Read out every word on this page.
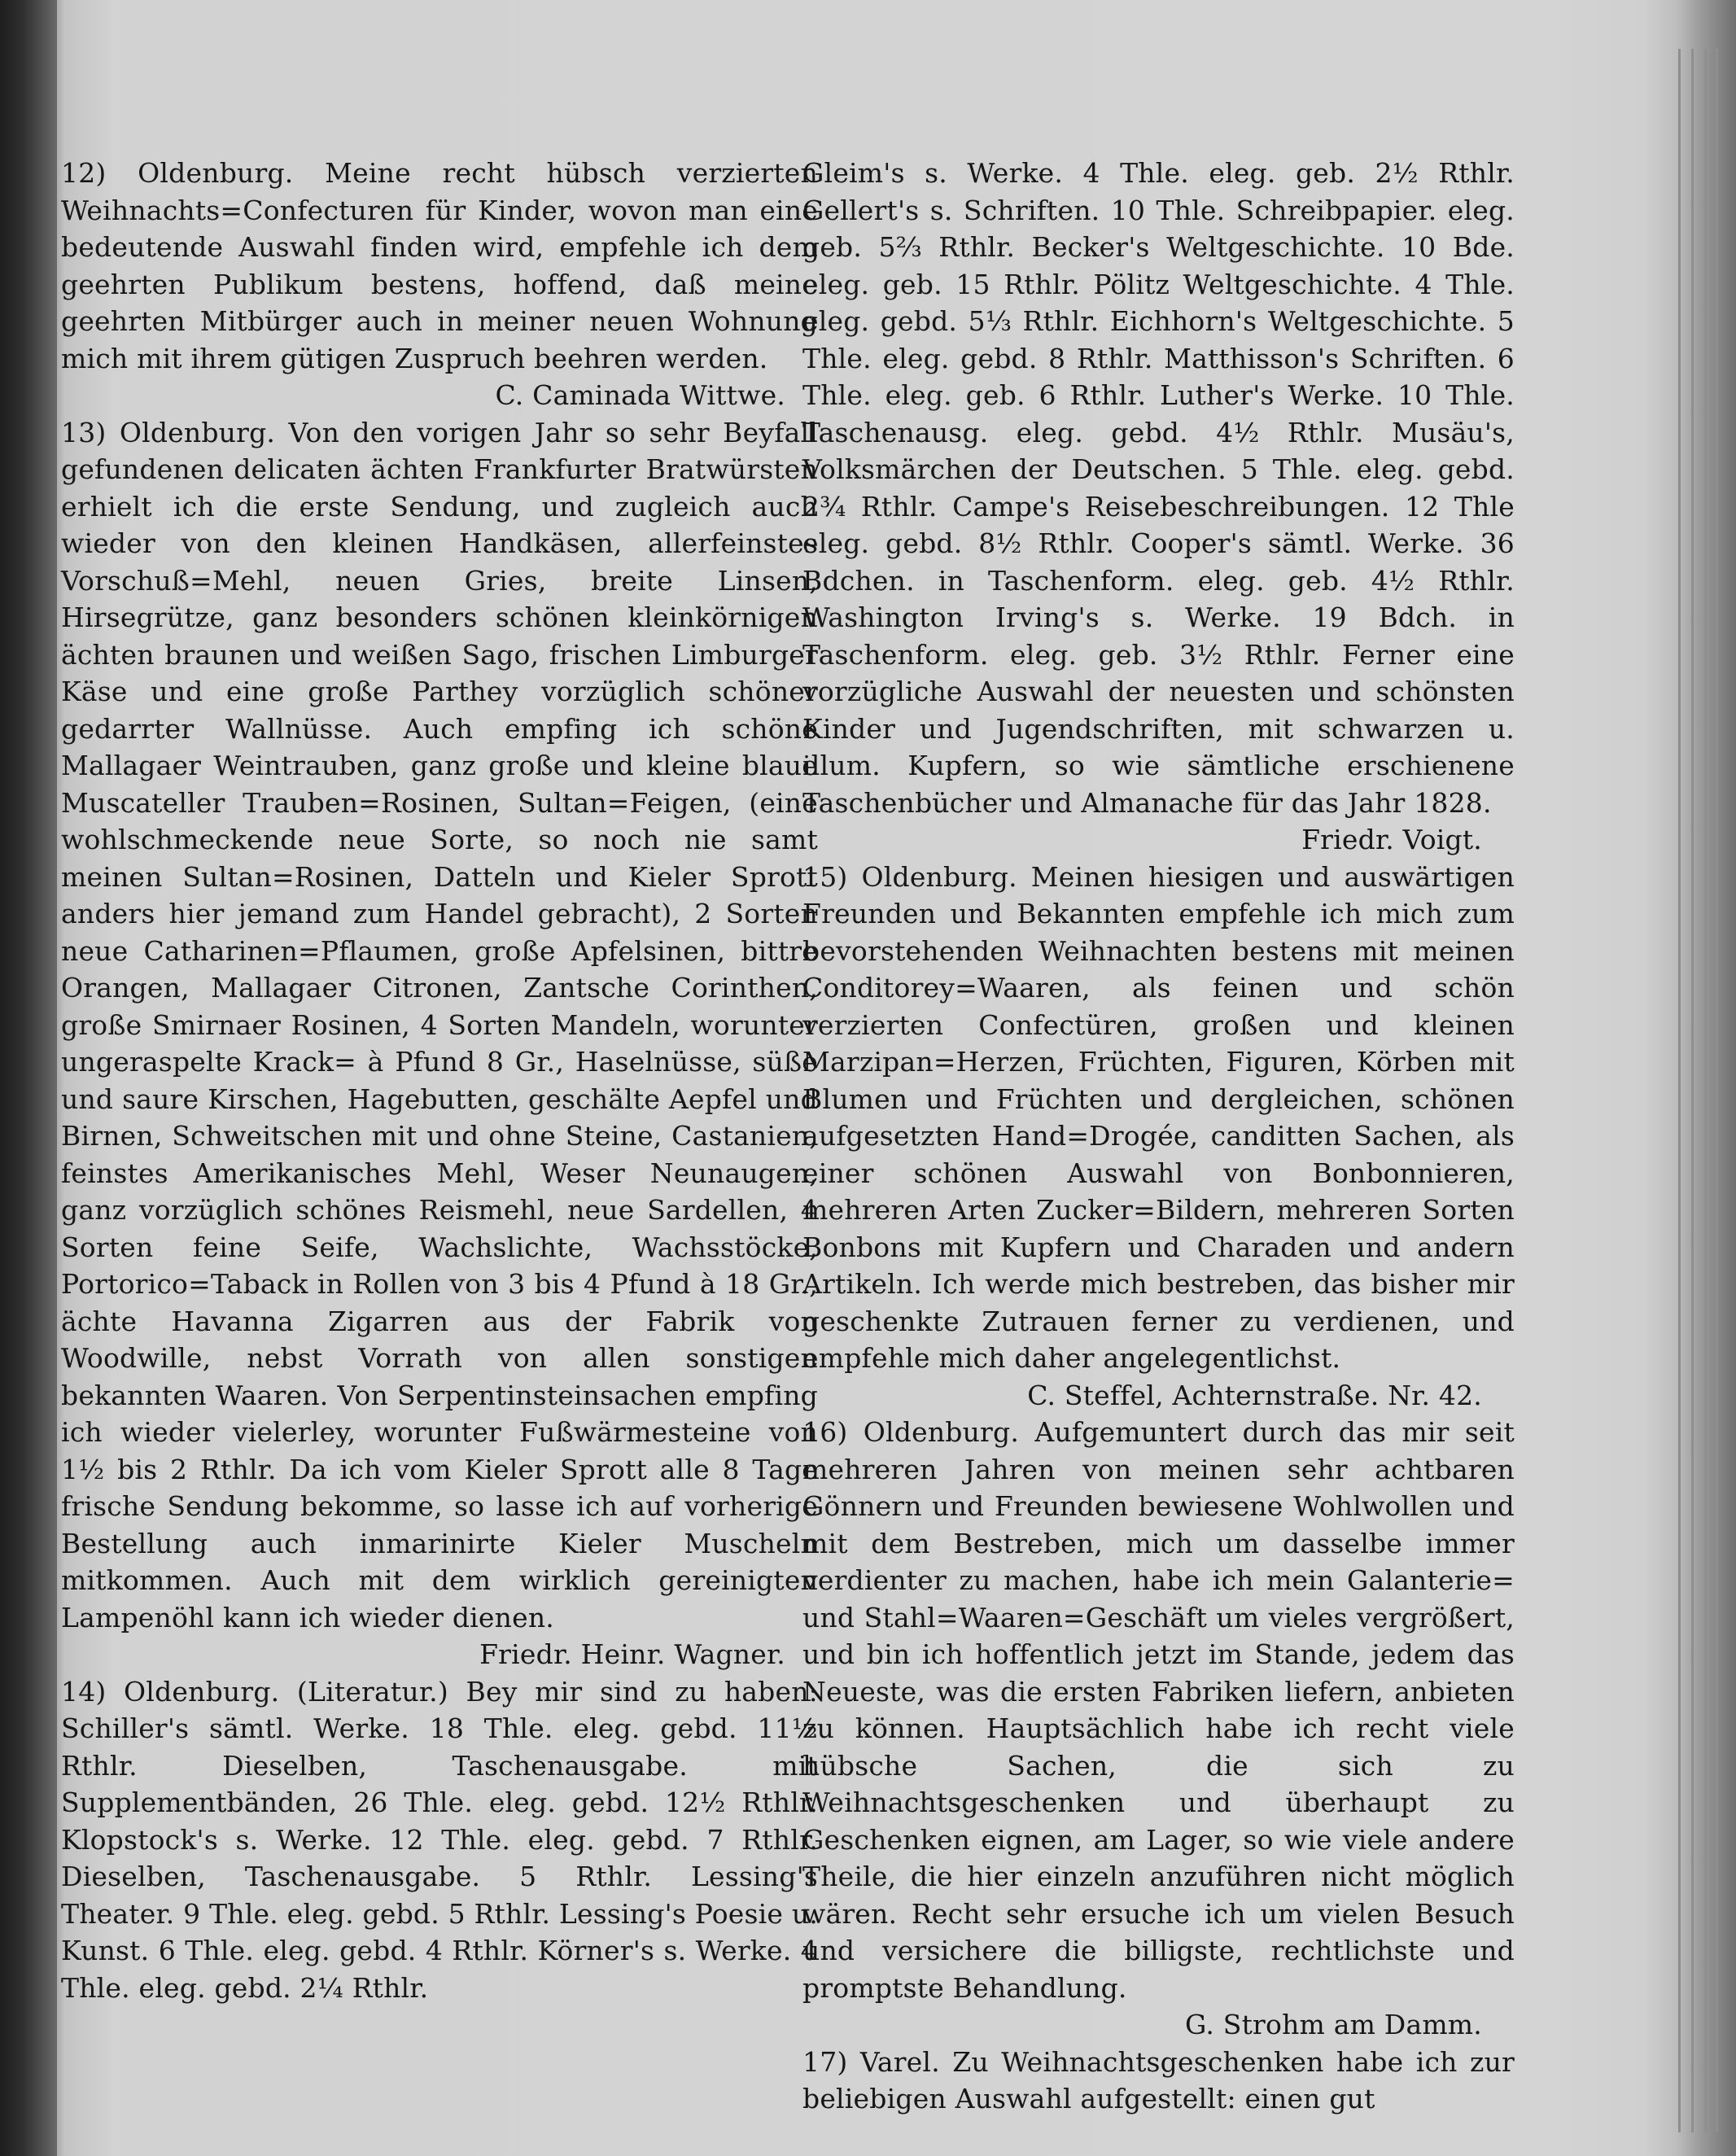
12) Oldenburg. Meine recht hübsch verzierten Weihnachts=Confecturen für Kinder, wovon man eine bedeutende Auswahl finden wird, empfehle ich dem geehrten Publikum bestens, hoffend, daß meine geehrten Mitbürger auch in meiner neuen Wohnung mich mit ihrem gütigen Zuspruch beehren werden.

C. Caminada Wittwe.

13) Oldenburg. Von den vorigen Jahr so sehr Beyfall gefundenen delicaten ächten Frankfurter Bratwürsten erhielt ich die erste Sendung, und zugleich auch wieder von den kleinen Handkäsen, allerfeinstes Vorschuß=Mehl, neuen Gries, breite Linsen, Hirsegrütze, ganz besonders schönen kleinkörnigen ächten braunen und weißen Sago, frischen Limburger Käse und eine große Parthey vorzüglich schöner gedarrter Wallnüsse. Auch empfing ich schöne Mallagaer Weintrauben, ganz große und kleine blaue Muscateller Trauben=Rosinen, Sultan=Feigen, (eine wohlschmeckende neue Sorte, so noch nie samt meinen Sultan=Rosinen, Datteln und Kieler Sprott anders hier jemand zum Handel gebracht), 2 Sorten neue Catharinen=Pflaumen, große Apfelsinen, bittre Orangen, Mallagaer Citronen, Zantsche Corinthen, große Smirnaer Rosinen, 4 Sorten Mandeln, worunter ungeraspelte Krack= à Pfund 8 Gr., Haselnüsse, süße und saure Kirschen, Hagebutten, geschälte Aepfel und Birnen, Schweitschen mit und ohne Steine, Castanien, feinstes Amerikanisches Mehl, Weser Neunaugen, ganz vorzüglich schönes Reismehl, neue Sardellen, 4 Sorten feine Seife, Wachslichte, Wachsstöcke, Portorico=Taback in Rollen von 3 bis 4 Pfund à 18 Gr., ächte Havanna Zigarren aus der Fabrik von Woodwille, nebst Vorrath von allen sonstigen bekannten Waaren. Von Serpentinsteinsachen empfing ich wieder vielerley, worunter Fußwärmesteine von 1½ bis 2 Rthlr. Da ich vom Kieler Sprott alle 8 Tage frische Sendung bekomme, so lasse ich auf vorherige Bestellung auch inmarinirte Kieler Muscheln mitkommen. Auch mit dem wirklich gereinigten Lampenöhl kann ich wieder dienen.

Friedr. Heinr. Wagner.

14) Oldenburg. (Literatur.) Bey mir sind zu haben: Schiller's sämtl. Werke. 18 Thle. eleg. gebd. 11½ Rthlr. Dieselben, Taschenausgabe. mit Supplementbänden, 26 Thle. eleg. gebd. 12½ Rthlr. Klopstock's s. Werke. 12 Thle. eleg. gebd. 7 Rthlr. Dieselben, Taschenausgabe. 5 Rthlr. Lessing's Theater. 9 Thle. eleg. gebd. 5 Rthlr. Lessing's Poesie u. Kunst. 6 Thle. eleg. gebd. 4 Rthlr. Körner's s. Werke. 4 Thle. eleg. gebd. 2¼ Rthlr.

Gleim's s. Werke. 4 Thle. eleg. geb. 2½ Rthlr. Gellert's s. Schriften. 10 Thle. Schreibpapier. eleg. geb. 5⅔ Rthlr. Becker's Weltgeschichte. 10 Bde. eleg. geb. 15 Rthlr. Pölitz Weltgeschichte. 4 Thle. eleg. gebd. 5⅓ Rthlr. Eichhorn's Weltgeschichte. 5 Thle. eleg. gebd. 8 Rthlr. Matthisson's Schriften. 6 Thle. eleg. geb. 6 Rthlr. Luther's Werke. 10 Thle. Taschenausg. eleg. gebd. 4½ Rthlr. Musäu's, Volksmärchen der Deutschen. 5 Thle. eleg. gebd. 2¾ Rthlr. Campe's Reisebeschreibungen. 12 Thle eleg. gebd. 8½ Rthlr. Cooper's sämtl. Werke. 36 Bdchen. in Taschenform. eleg. geb. 4½ Rthlr. Washington Irving's s. Werke. 19 Bdch. in Taschenform. eleg. geb. 3½ Rthlr. Ferner eine vorzügliche Auswahl der neuesten und schönsten Kinder und Jugendschriften, mit schwarzen u. illum. Kupfern, so wie sämtliche erschienene Taschenbücher und Almanache für das Jahr 1828.

Friedr. Voigt.

15) Oldenburg. Meinen hiesigen und auswärtigen Freunden und Bekannten empfehle ich mich zum bevorstehenden Weihnachten bestens mit meinen Conditorey=Waaren, als feinen und schön verzierten Confectüren, großen und kleinen Marzipan=Herzen, Früchten, Figuren, Körben mit Blumen und Früchten und dergleichen, schönen aufgesetzten Hand=Drogée, canditten Sachen, als einer schönen Auswahl von Bonbonnieren, mehreren Arten Zucker=Bildern, mehreren Sorten Bonbons mit Kupfern und Charaden und andern Artikeln. Ich werde mich bestreben, das bisher mir geschenkte Zutrauen ferner zu verdienen, und empfehle mich daher angelegentlichst.

C. Steffel, Achternstraße. Nr. 42.

16) Oldenburg. Aufgemuntert durch das mir seit mehreren Jahren von meinen sehr achtbaren Gönnern und Freunden bewiesene Wohlwollen und mit dem Bestreben, mich um dasselbe immer verdienter zu machen, habe ich mein Galanterie= und Stahl=Waaren=Geschäft um vieles vergrößert, und bin ich hoffentlich jetzt im Stande, jedem das Neueste, was die ersten Fabriken liefern, anbieten zu können. Hauptsächlich habe ich recht viele hübsche Sachen, die sich zu Weihnachtsgeschenken und überhaupt zu Geschenken eignen, am Lager, so wie viele andere Theile, die hier einzeln anzuführen nicht möglich wären. Recht sehr ersuche ich um vielen Besuch und versichere die billigste, rechtlichste und promptste Behandlung.

G. Strohm am Damm.

17) Varel. Zu Weihnachtsgeschenken habe ich zur beliebigen Auswahl aufgestellt: einen gut
